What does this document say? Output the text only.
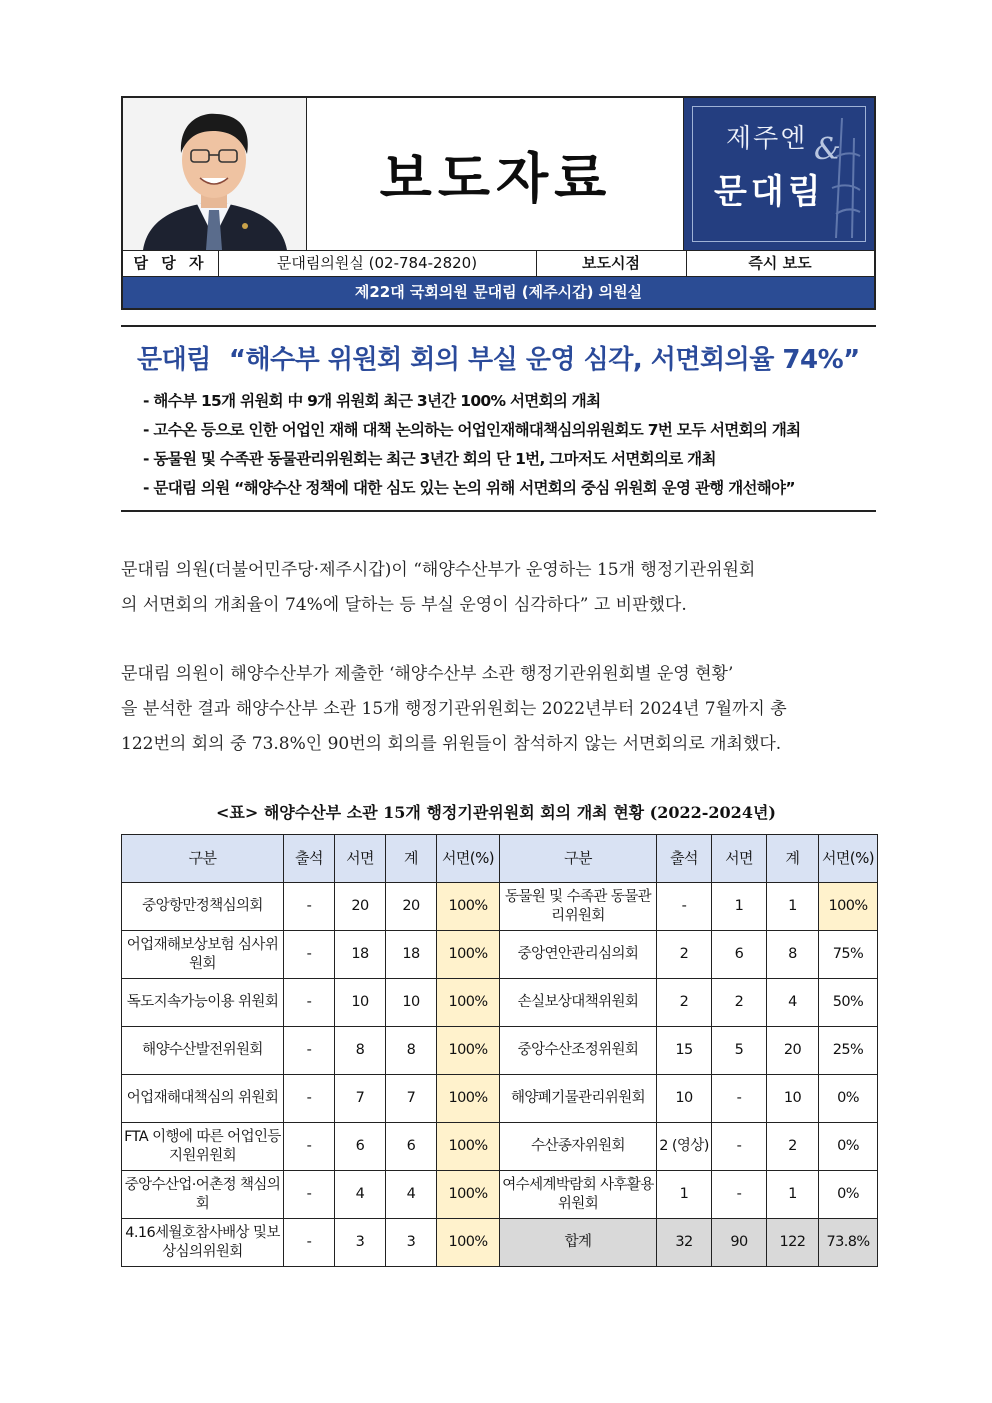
보도자료
제주엔 &
문대림
담 당 자	문대림의원실 (02-784-2820)	보도시점	즉시 보도
제22대 국회의원 문대림 (제주시갑) 의원실
문대림 “해수부 위원회 회의 부실 운영 심각, 서면회의율 74%”
- 해수부 15개 위원회 中 9개 위원회 최근 3년간 100% 서면회의 개최
- 고수온 등으로 인한 어업인 재해 대책 논의하는 어업인재해대책심의위원회도 7번 모두 서면회의 개최
- 동물원 및 수족관 동물관리위원회는 최근 3년간 회의 단 1번, 그마저도 서면회의로 개최
- 문대림 의원 “해양수산 정책에 대한 심도 있는 논의 위해 서면회의 중심 위원회 운영 관행 개선해야”

문대림 의원(더불어민주당·제주시갑)이 “해양수산부가 운영하는 15개 행정기관위원회

의 서면회의 개최율이 74%에 달하는 등 부실 운영이 심각하다” 고 비판했다.

문대림 의원이 해양수산부가 제출한 ‘해양수산부 소관 행정기관위원회별 운영 현황’

을 분석한 결과 해양수산부 소관 15개 행정기관위원회는 2022년부터 2024년 7월까지 총

122번의 회의 중 73.8%인 90번의 회의를 위원들이 참석하지 않는 서면회의로 개최했다.

<표> 해양수산부 소관 15개 행정기관위원회 회의 개최 현황 (2022-2024년)
구분	출석	서면	계	서면(%)	구분	출석	서면	계	서면(%)
중앙항만정책심의회	-	20	20	100%	동물원 및 수족관 동물관리위원회	-	1	1	100%
어업재해보상보험 심사위원회	-	18	18	100%	중앙연안관리심의회	2	6	8	75%
독도지속가능이용 위원회	-	10	10	100%	손실보상대책위원회	2	2	4	50%
해양수산발전위원회	-	8	8	100%	중앙수산조정위원회	15	5	20	25%
어업재해대책심의 위원회	-	7	7	100%	해양폐기물관리위원회	10	-	10	0%
FTA 이행에 따른 어업인등 지원위원회	-	6	6	100%	수산종자위원회	2 (영상)	-	2	0%
중앙수산업·어촌정 책심의회	-	4	4	100%	여수세계박람회 사후활용위원회	1	-	1	0%
4.16세월호참사배상 및보상심의위원회	-	3	3	100%	합계	32	90	122	73.8%
